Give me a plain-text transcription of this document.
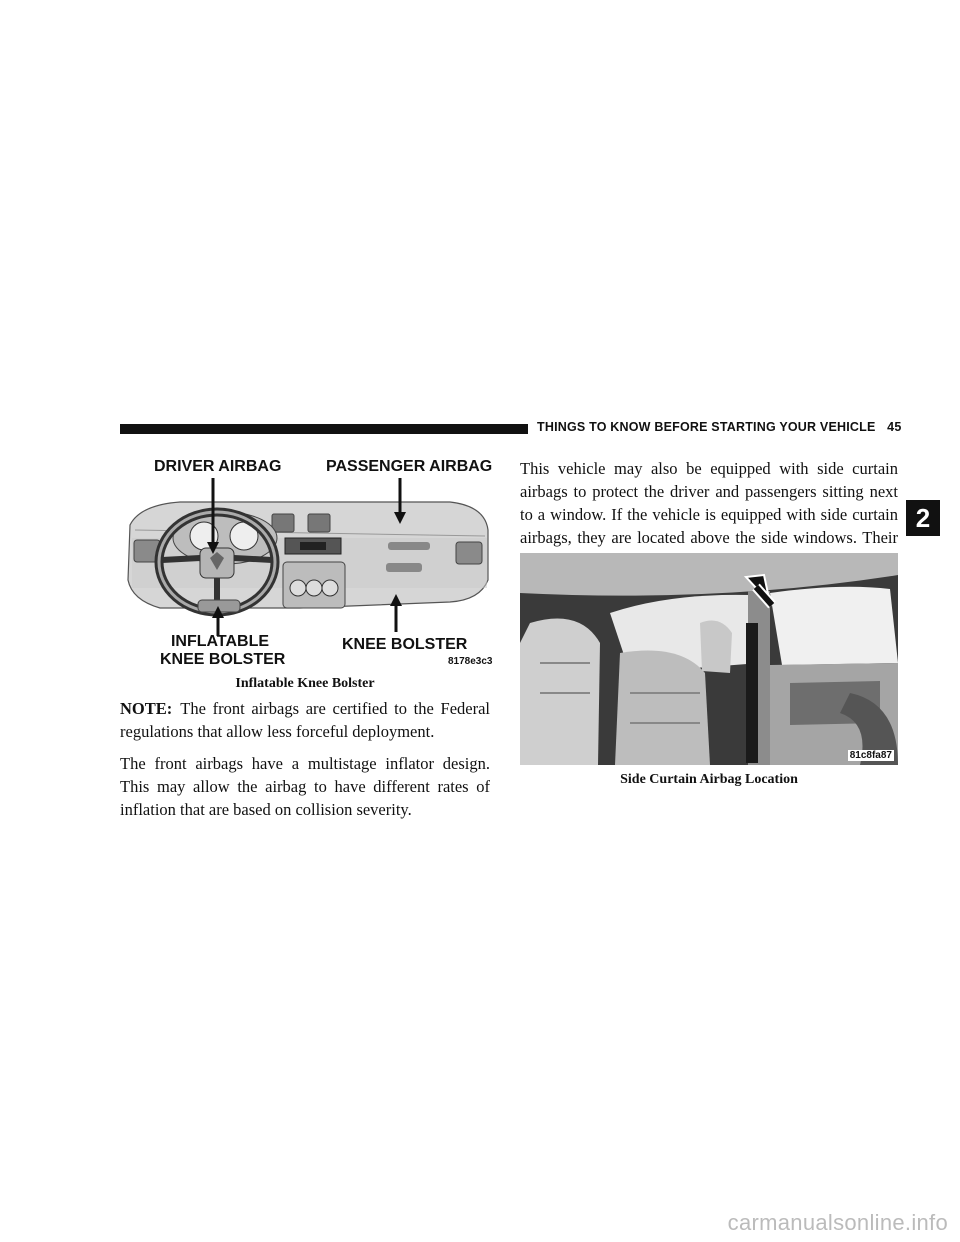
THINGS TO KNOW BEFORE STARTING YOUR VEHICLE 45
2
DRIVER AIRBAG	PASSENGER AIRBAG
INFLATABLE
KNEE BOLSTER
KNEE BOLSTER
8178e3c3
Inflatable Knee Bolster

NOTE: The front airbags are certified to the Federal regulations that allow less forceful deployment.

The front airbags have a multistage inflator design. This may allow the airbag to have different rates of inflation that are based on collision severity.

This vehicle may also be equipped with side curtain airbags to protect the driver and passengers sitting next to a window. If the vehicle is equipped with side curtain airbags, they are located above the side windows. Their

81c8fa87
Side Curtain Airbag Location
carmanualsonline.info
